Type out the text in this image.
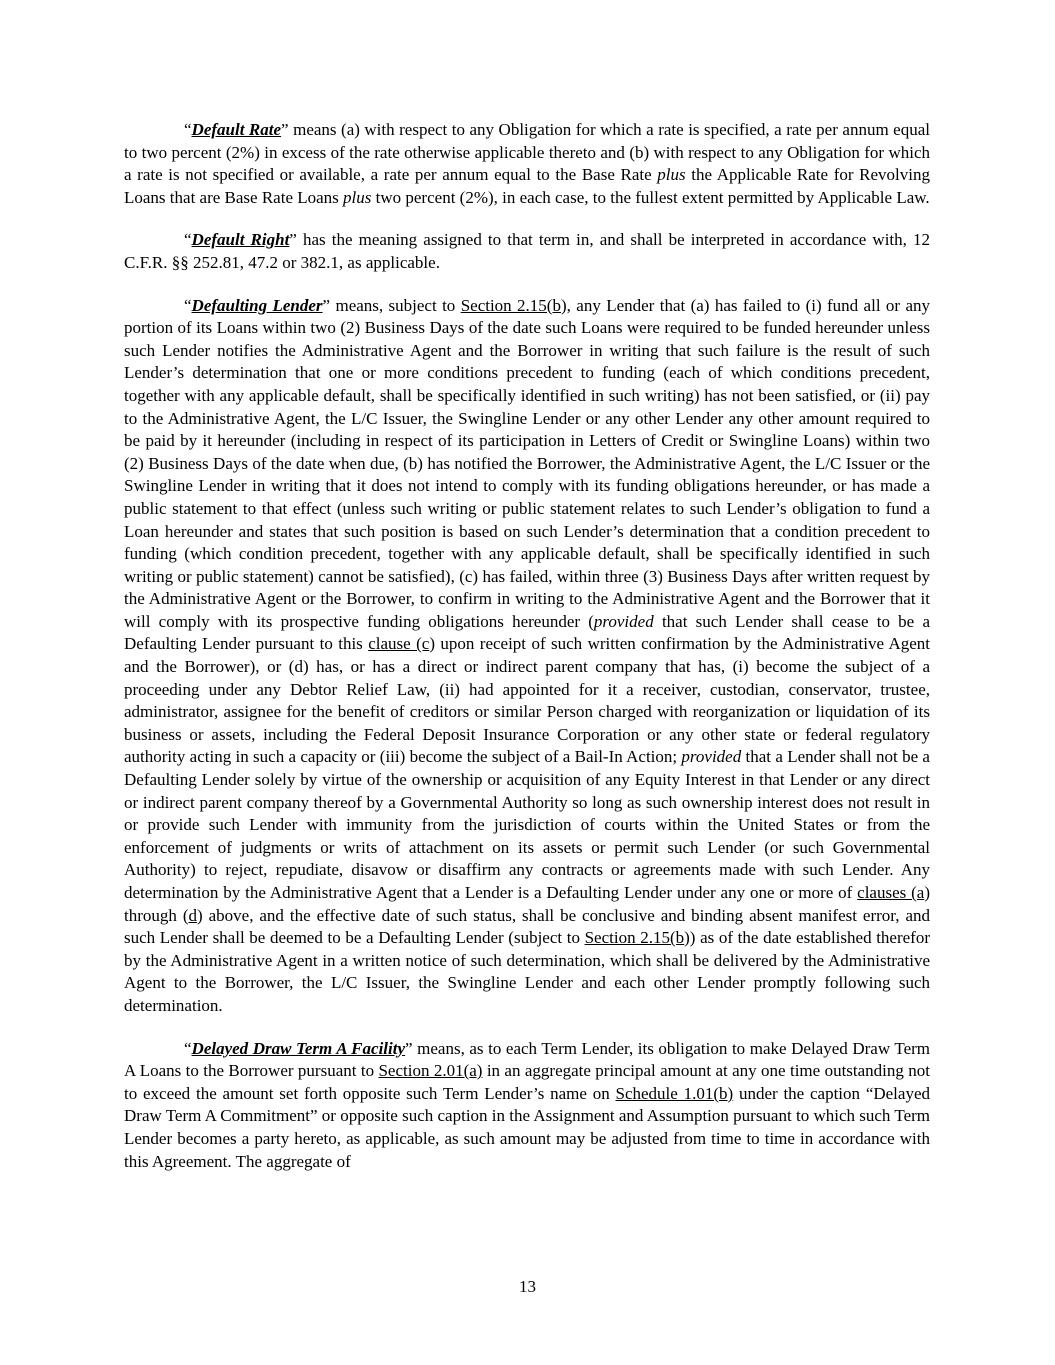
“Default Rate” means (a) with respect to any Obligation for which a rate is specified, a rate per annum equal to two percent (2%) in excess of the rate otherwise applicable thereto and (b) with respect to any Obligation for which a rate is not specified or available, a rate per annum equal to the Base Rate plus the Applicable Rate for Revolving Loans that are Base Rate Loans plus two percent (2%), in each case, to the fullest extent permitted by Applicable Law.

“Default Right” has the meaning assigned to that term in, and shall be interpreted in accordance with, 12 C.F.R. §§ 252.81, 47.2 or 382.1, as applicable.

“Defaulting Lender” means, subject to Section 2.15(b), any Lender that (a) has failed to (i) fund all or any portion of its Loans within two (2) Business Days of the date such Loans were required to be funded hereunder unless such Lender notifies the Administrative Agent and the Borrower in writing that such failure is the result of such Lender’s determination that one or more conditions precedent to funding (each of which conditions precedent, together with any applicable default, shall be specifically identified in such writing) has not been satisfied, or (ii) pay to the Administrative Agent, the L/C Issuer, the Swingline Lender or any other Lender any other amount required to be paid by it hereunder (including in respect of its participation in Letters of Credit or Swingline Loans) within two (2) Business Days of the date when due, (b) has notified the Borrower, the Administrative Agent, the L/C Issuer or the Swingline Lender in writing that it does not intend to comply with its funding obligations hereunder, or has made a public statement to that effect (unless such writing or public statement relates to such Lender’s obligation to fund a Loan hereunder and states that such position is based on such Lender’s determination that a condition precedent to funding (which condition precedent, together with any applicable default, shall be specifically identified in such writing or public statement) cannot be satisfied), (c) has failed, within three (3) Business Days after written request by the Administrative Agent or the Borrower, to confirm in writing to the Administrative Agent and the Borrower that it will comply with its prospective funding obligations hereunder (provided that such Lender shall cease to be a Defaulting Lender pursuant to this clause (c) upon receipt of such written confirmation by the Administrative Agent and the Borrower), or (d) has, or has a direct or indirect parent company that has, (i) become the subject of a proceeding under any Debtor Relief Law, (ii) had appointed for it a receiver, custodian, conservator, trustee, administrator, assignee for the benefit of creditors or similar Person charged with reorganization or liquidation of its business or assets, including the Federal Deposit Insurance Corporation or any other state or federal regulatory authority acting in such a capacity or (iii) become the subject of a Bail-In Action; provided that a Lender shall not be a Defaulting Lender solely by virtue of the ownership or acquisition of any Equity Interest in that Lender or any direct or indirect parent company thereof by a Governmental Authority so long as such ownership interest does not result in or provide such Lender with immunity from the jurisdiction of courts within the United States or from the enforcement of judgments or writs of attachment on its assets or permit such Lender (or such Governmental Authority) to reject, repudiate, disavow or disaffirm any contracts or agreements made with such Lender. Any determination by the Administrative Agent that a Lender is a Defaulting Lender under any one or more of clauses (a) through (d) above, and the effective date of such status, shall be conclusive and binding absent manifest error, and such Lender shall be deemed to be a Defaulting Lender (subject to Section 2.15(b)) as of the date established therefor by the Administrative Agent in a written notice of such determination, which shall be delivered by the Administrative Agent to the Borrower, the L/C Issuer, the Swingline Lender and each other Lender promptly following such determination.

“Delayed Draw Term A Facility” means, as to each Term Lender, its obligation to make Delayed Draw Term A Loans to the Borrower pursuant to Section 2.01(a) in an aggregate principal amount at any one time outstanding not to exceed the amount set forth opposite such Term Lender’s name on Schedule 1.01(b) under the caption “Delayed Draw Term A Commitment” or opposite such caption in the Assignment and Assumption pursuant to which such Term Lender becomes a party hereto, as applicable, as such amount may be adjusted from time to time in accordance with this Agreement. The aggregate of

13
